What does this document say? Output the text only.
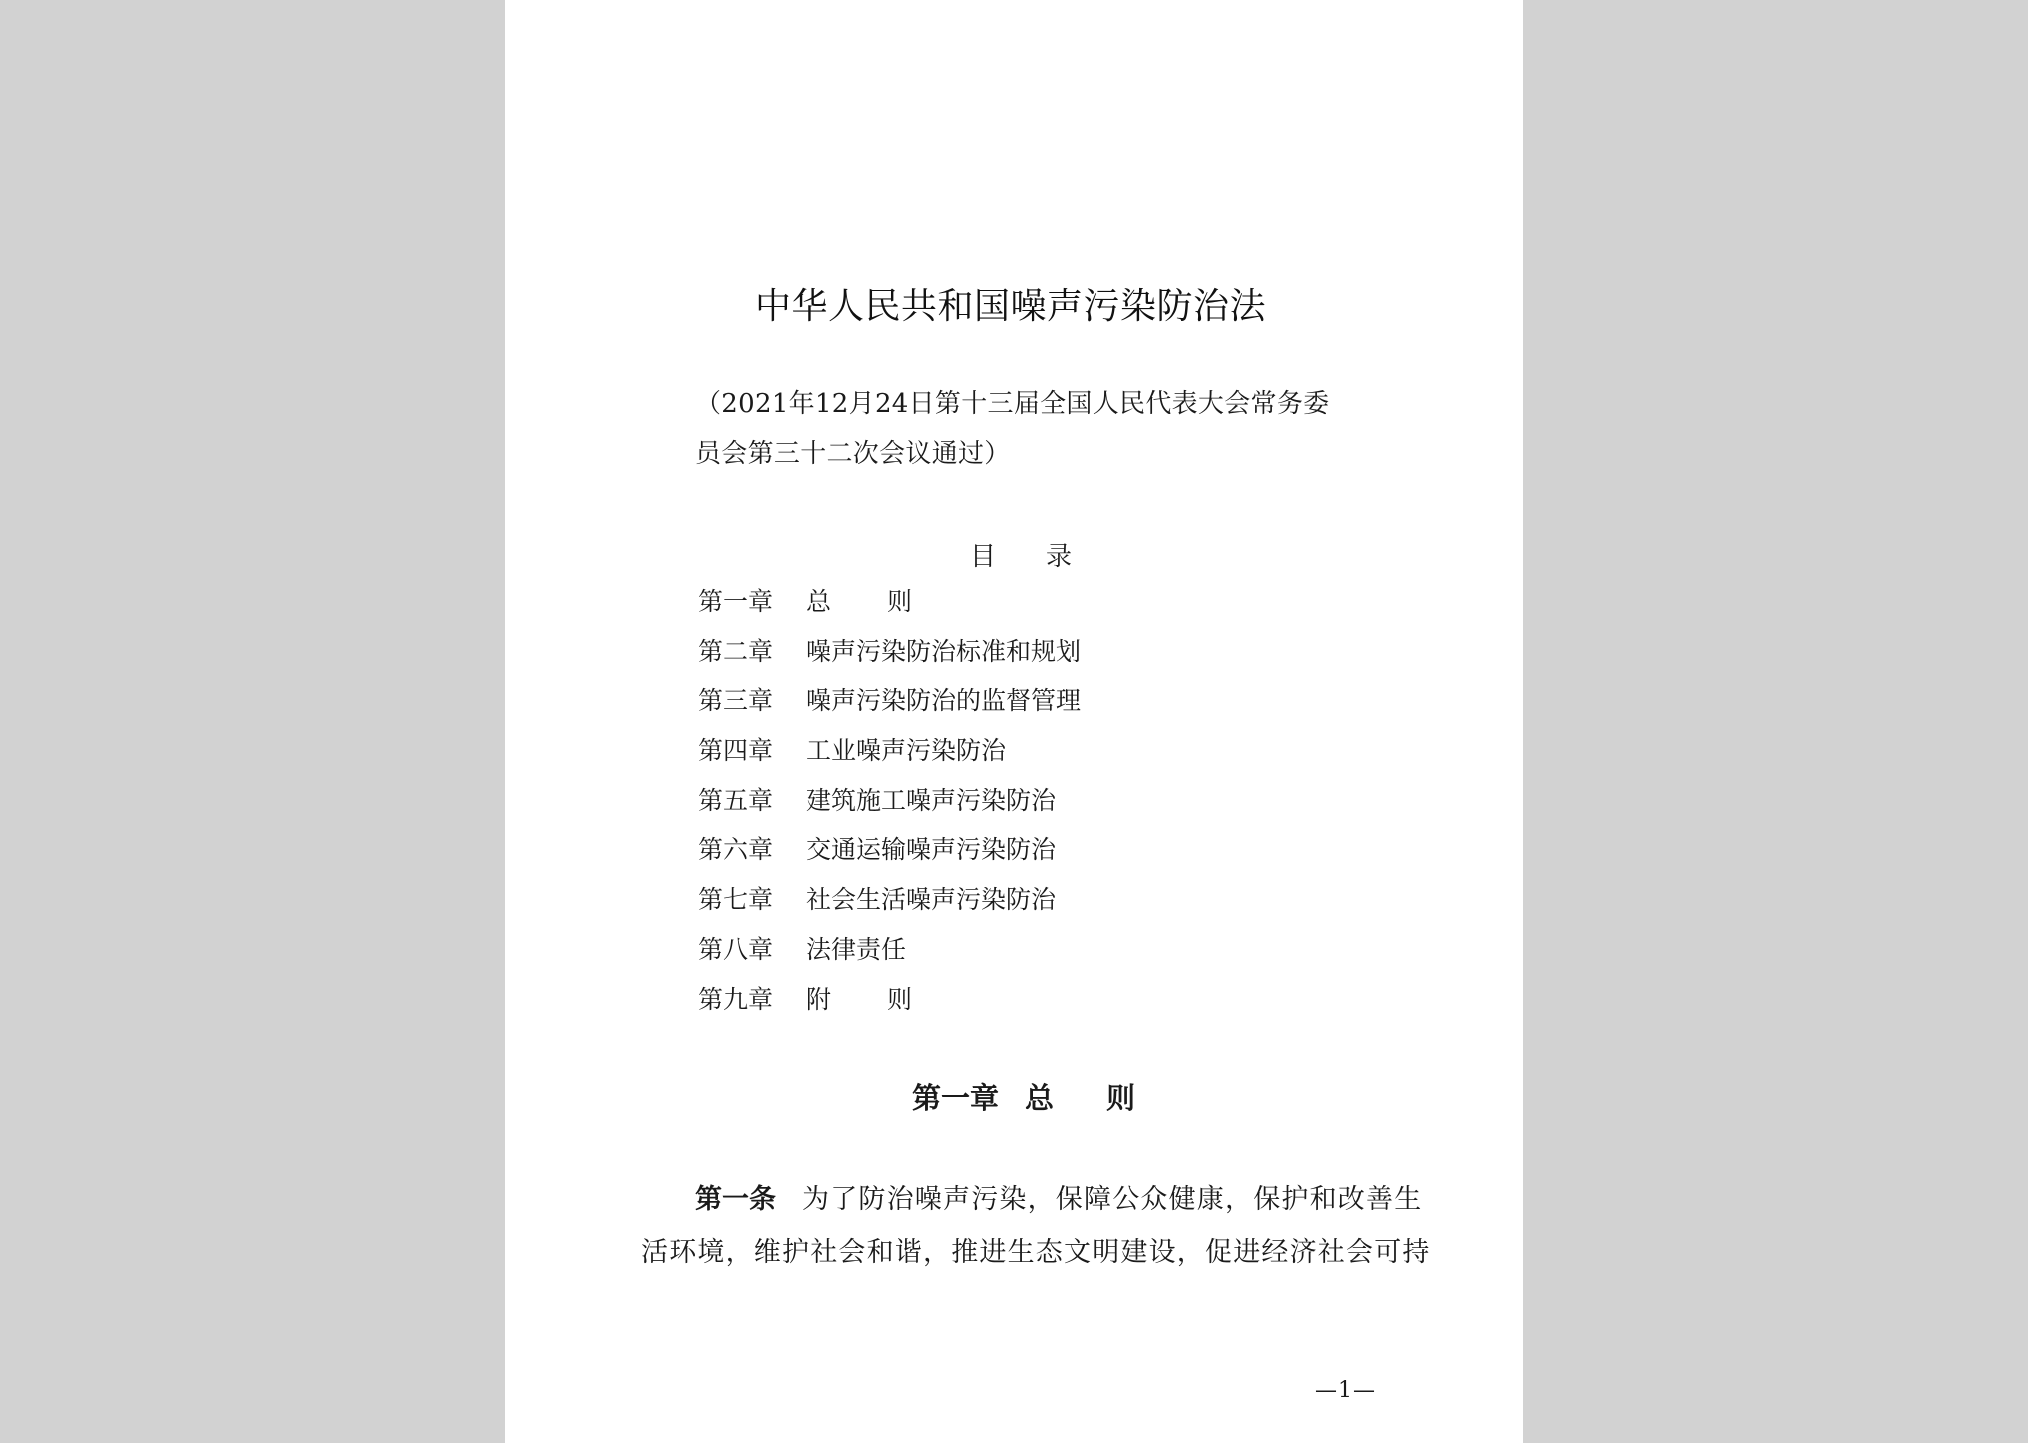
中华人民共和国噪声污染防治法
（2021年12月24日第十三届全国人民代表大会常务委
员会第三十二次会议通过）
目 录
第一章 总则
第二章 噪声污染防治标准和规划
第三章 噪声污染防治的监督管理
第四章 工业噪声污染防治
第五章 建筑施工噪声污染防治
第六章 交通运输噪声污染防治
第七章 社会生活噪声污染防治
第八章 法律责任
第九章 附则
第一章 总则
第一条 为了防治噪声污染，保障公众健康，保护和改善生
活环境，维护社会和谐，推进生态文明建设，促进经济社会可持
—1—
